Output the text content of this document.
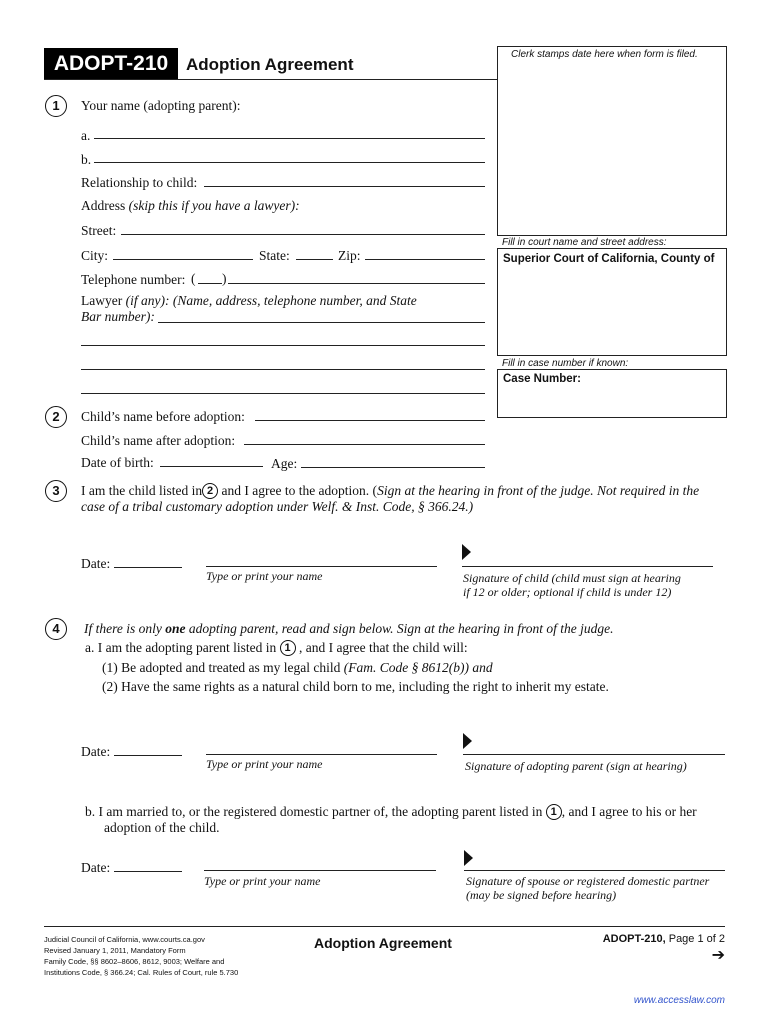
ADOPT-210	Adoption Agreement
Clerk stamps date here when form is filed.
Fill in court name and street address:
Superior Court of California, County of
Fill in case number if known:
Case Number:
1	Your name (adopting parent):
a.
b.
Relationship to child:
Address (skip this if you have a lawyer):
Street:
City:	State:	Zip:
Telephone number: ( )
Lawyer (if any): (Name, address, telephone number, and State
Bar number):
2	Child’s name before adoption:
Child’s name after adoption:
Date of birth:	Age:
3	I am the child listed in 2 and I agree to the adoption. (Sign at the hearing in front of the judge. Not required in the
case of a tribal customary adoption under Welf. & Inst. Code, § 366.24.)
Date:
Type or print your name	Signature of child (child must sign at hearing
if 12 or older; optional if child is under 12)
4	If there is only one adopting parent, read and sign below. Sign at the hearing in front of the judge.
a. I am the adopting parent listed in 1 , and I agree that the child will:
(1) Be adopted and treated as my legal child (Fam. Code § 8612(b)) and
(2) Have the same rights as a natural child born to me, including the right to inherit my estate.
Date:
Type or print your name	Signature of adopting parent (sign at hearing)
b. I am married to, or the registered domestic partner of, the adopting parent listed in 1 , and I agree to his or her
adoption of the child.
Date:
Type or print your name	Signature of spouse or registered domestic partner
(may be signed before hearing)
Judicial Council of California, www.courts.ca.gov
Revised January 1, 2011, Mandatory Form
Family Code, §§ 8602–8606, 8612, 9003; Welfare and
Institutions Code, § 366.24; Cal. Rules of Court, rule 5.730
Adoption Agreement	ADOPT-210, Page 1 of 2
➔
www.accesslaw.com
